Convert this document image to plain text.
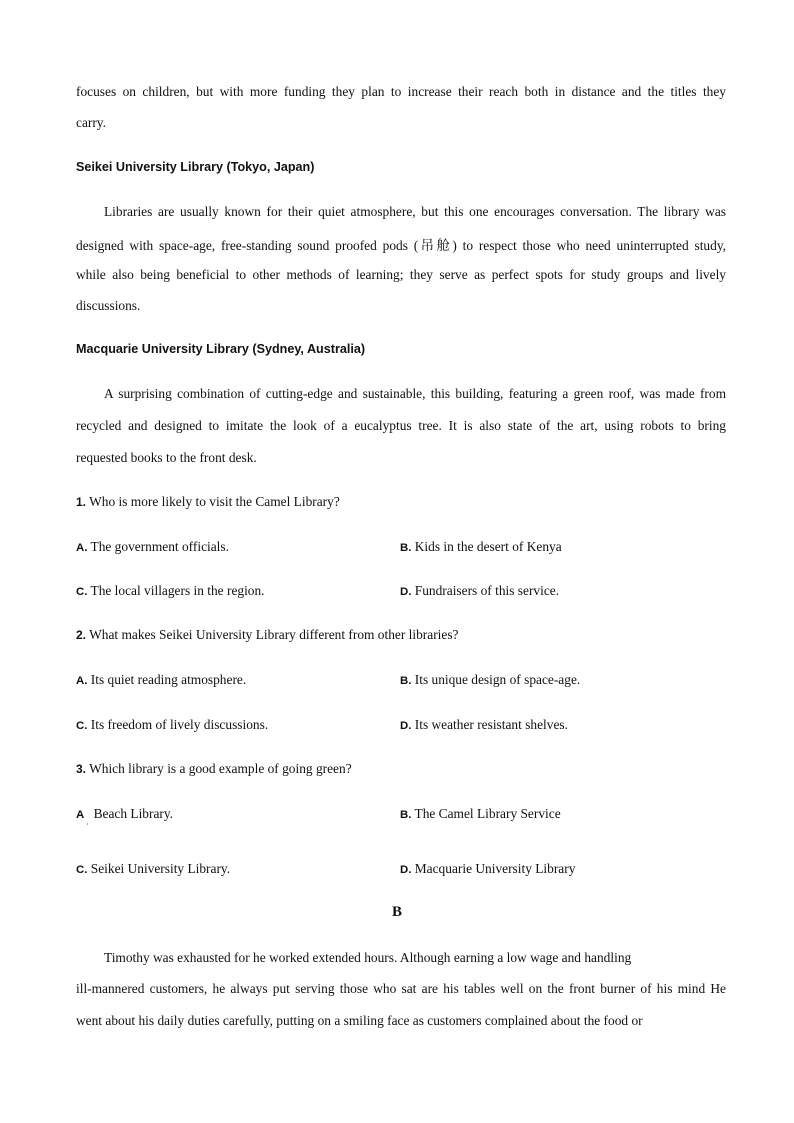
focuses on children, but with more funding they plan to increase their reach both in distance and the titles they
carry.
Seikei University Library (Tokyo, Japan)
Libraries are usually known for their quiet atmosphere, but this one encourages conversation. The library was
designed with space-age, free-standing sound proofed pods (吊舱) to respect those who need uninterrupted study,
while also being beneficial to other methods of learning; they serve as perfect spots for study groups and lively
discussions.
Macquarie University Library (Sydney, Australia)
A surprising combination of cutting-edge and sustainable, this building, featuring a green roof, was made from
recycled and designed to imitate the look of a eucalyptus tree. It is also state of the art, using robots to bring
requested books to the front desk.
1. Who is more likely to visit the Camel Library?
A. The government officials.	B. Kids in the desert of Kenya
C. The local villagers in the region.	D. Fundraisers of this service.
2. What makes Seikei University Library different from other libraries?
A. Its quiet reading atmosphere.	B. Its unique design of space-age.
C. Its freedom of lively discussions.	D. Its weather resistant shelves.
3. Which library is a good example of going green?
A Beach Library.
·
B. The Camel Library Service
C. Seikei University Library.	D. Macquarie University Library
B
Timothy was exhausted for he worked extended hours. Although earning a low wage and handling
ill-mannered customers, he always put serving those who sat are his tables well on the front burner of his mind He
went about his daily duties carefully, putting on a smiling face as customers complained about the food or
